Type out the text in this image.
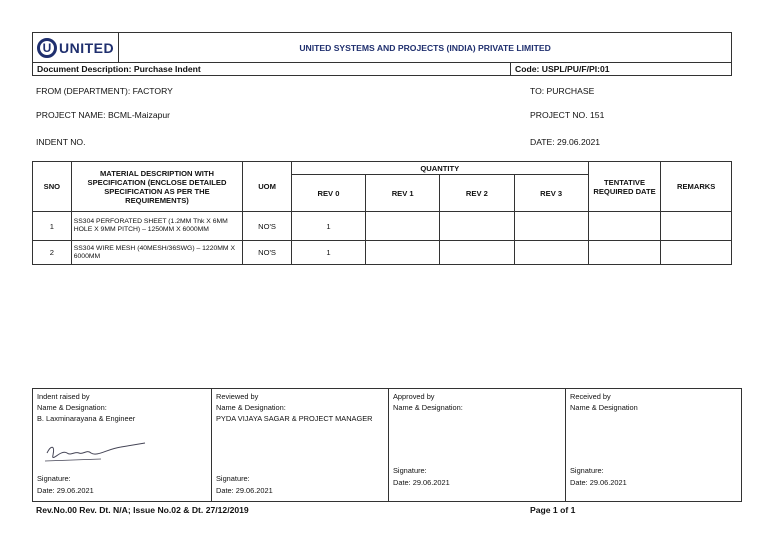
U UNITED	UNITED SYSTEMS AND PROJECTS (INDIA) PRIVATE LIMITED	
Document Description: Purchase Indent		Code: USPL/PU/F/PI:01
FROM (DEPARTMENT): FACTORY	TO: PURCHASE
PROJECT NAME: BCML-Maizapur	PROJECT NO. 151
INDENT NO.	DATE: 29.06.2021
SNO	MATERIAL DESCRIPTION WITH SPECIFICATION (ENCLOSE DETAILED SPECIFICATION AS PER THE REQUIREMENTS)	UOM	QUANTITY				TENTATIVE REQUIRED DATE	REMARKS
			REV 0	REV 1	REV 2	REV 3		
1	SS304 PERFORATED SHEET (1.2MM Thk X 6MM HOLE X 9MM PITCH) – 1250MM X 6000MM	NO'S	1					
2	SS304 WIRE MESH (40MESH/36SWG) – 1220MM X 6000MM	NO'S	1					
Indent raised by
Name & Designation:
B. Laxminarayana & Engineer
Signature:
Date: 29.06.2021

Reviewed by
Name & Designation:
PYDA VIJAYA SAGAR & PROJECT MANAGER
Signature:
Date: 29.06.2021

Approved by
Name & Designation:
Signature:
Date: 29.06.2021

Received by
Name & Designation
Signature:
Date: 29.06.2021
Rev.No.00 Rev. Dt. N/A; Issue No.02 & Dt. 27/12/2019	Page 1 of 1
